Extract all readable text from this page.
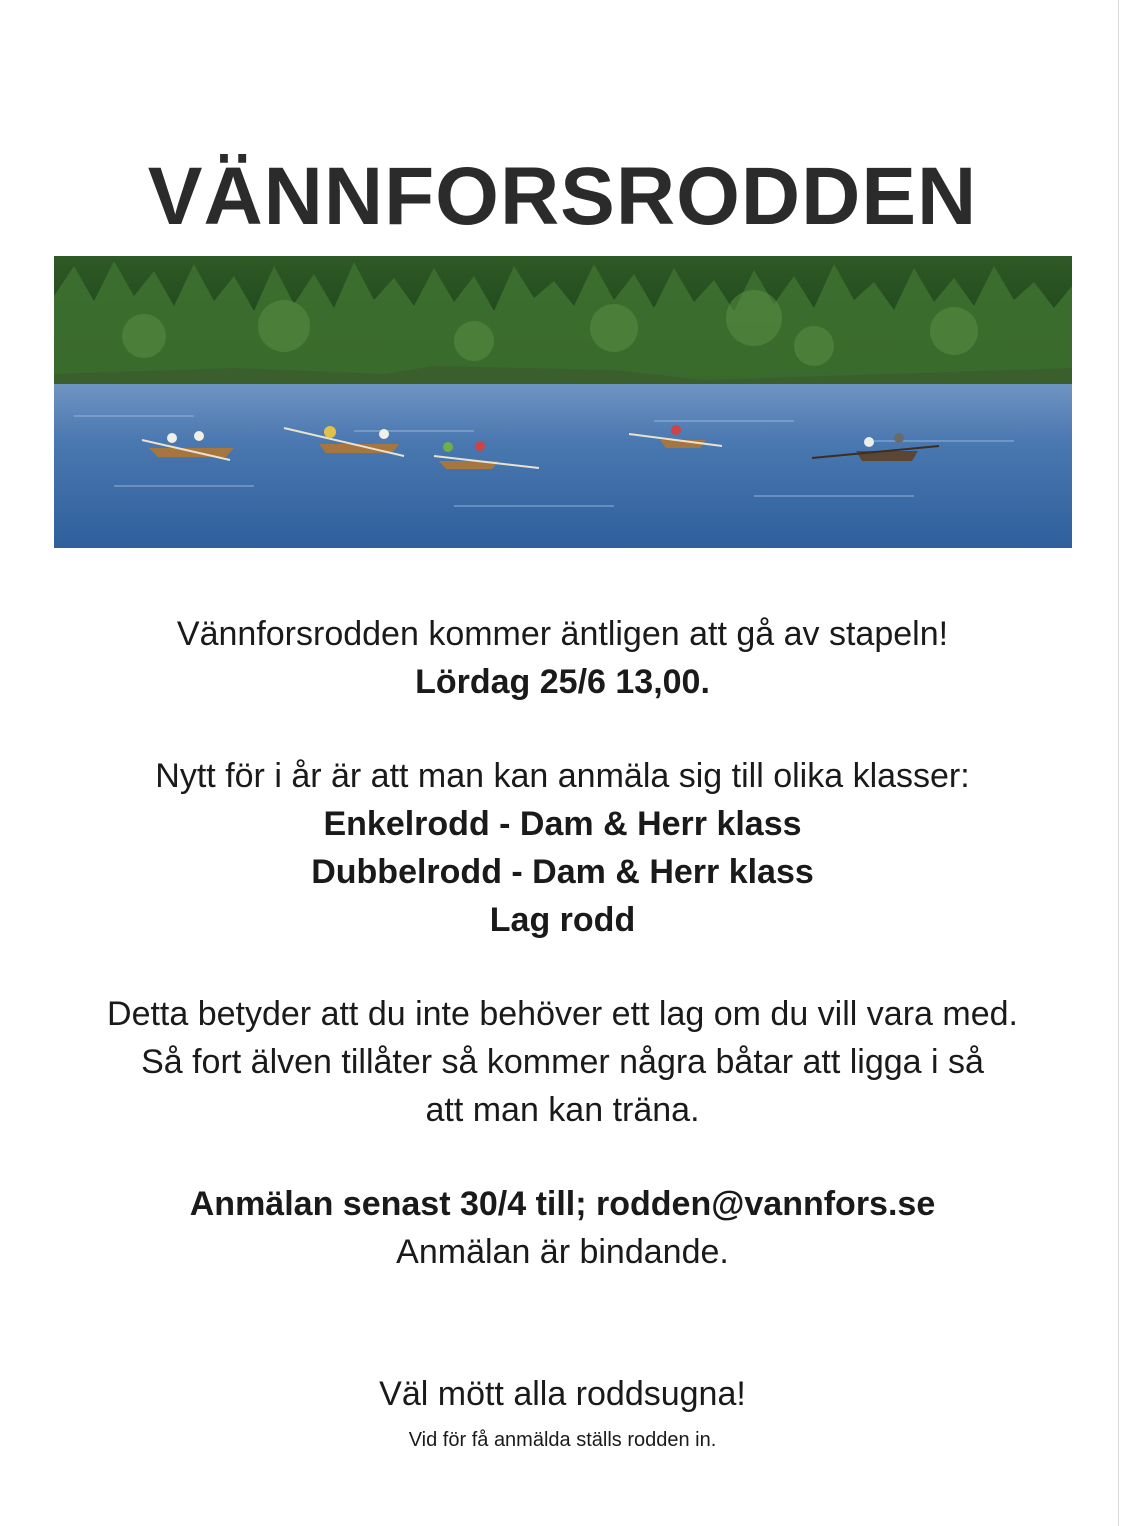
VÄNNFORSRODDEN
Vännforsrodden kommer äntligen att gå av stapeln!
Lördag 25/6 13,00.
Nytt för i år är att man kan anmäla sig till olika klasser:
Enkelrodd - Dam & Herr klass
Dubbelrodd - Dam & Herr klass
Lag rodd
Detta betyder att du inte behöver ett lag om du vill vara med.
Så fort älven tillåter så kommer några båtar att ligga i så
att man kan träna.
Anmälan senast 30/4 till; rodden@vannfors.se
Anmälan är bindande.
Väl mött alla roddsugna!
Vid för få anmälda ställs rodden in.
